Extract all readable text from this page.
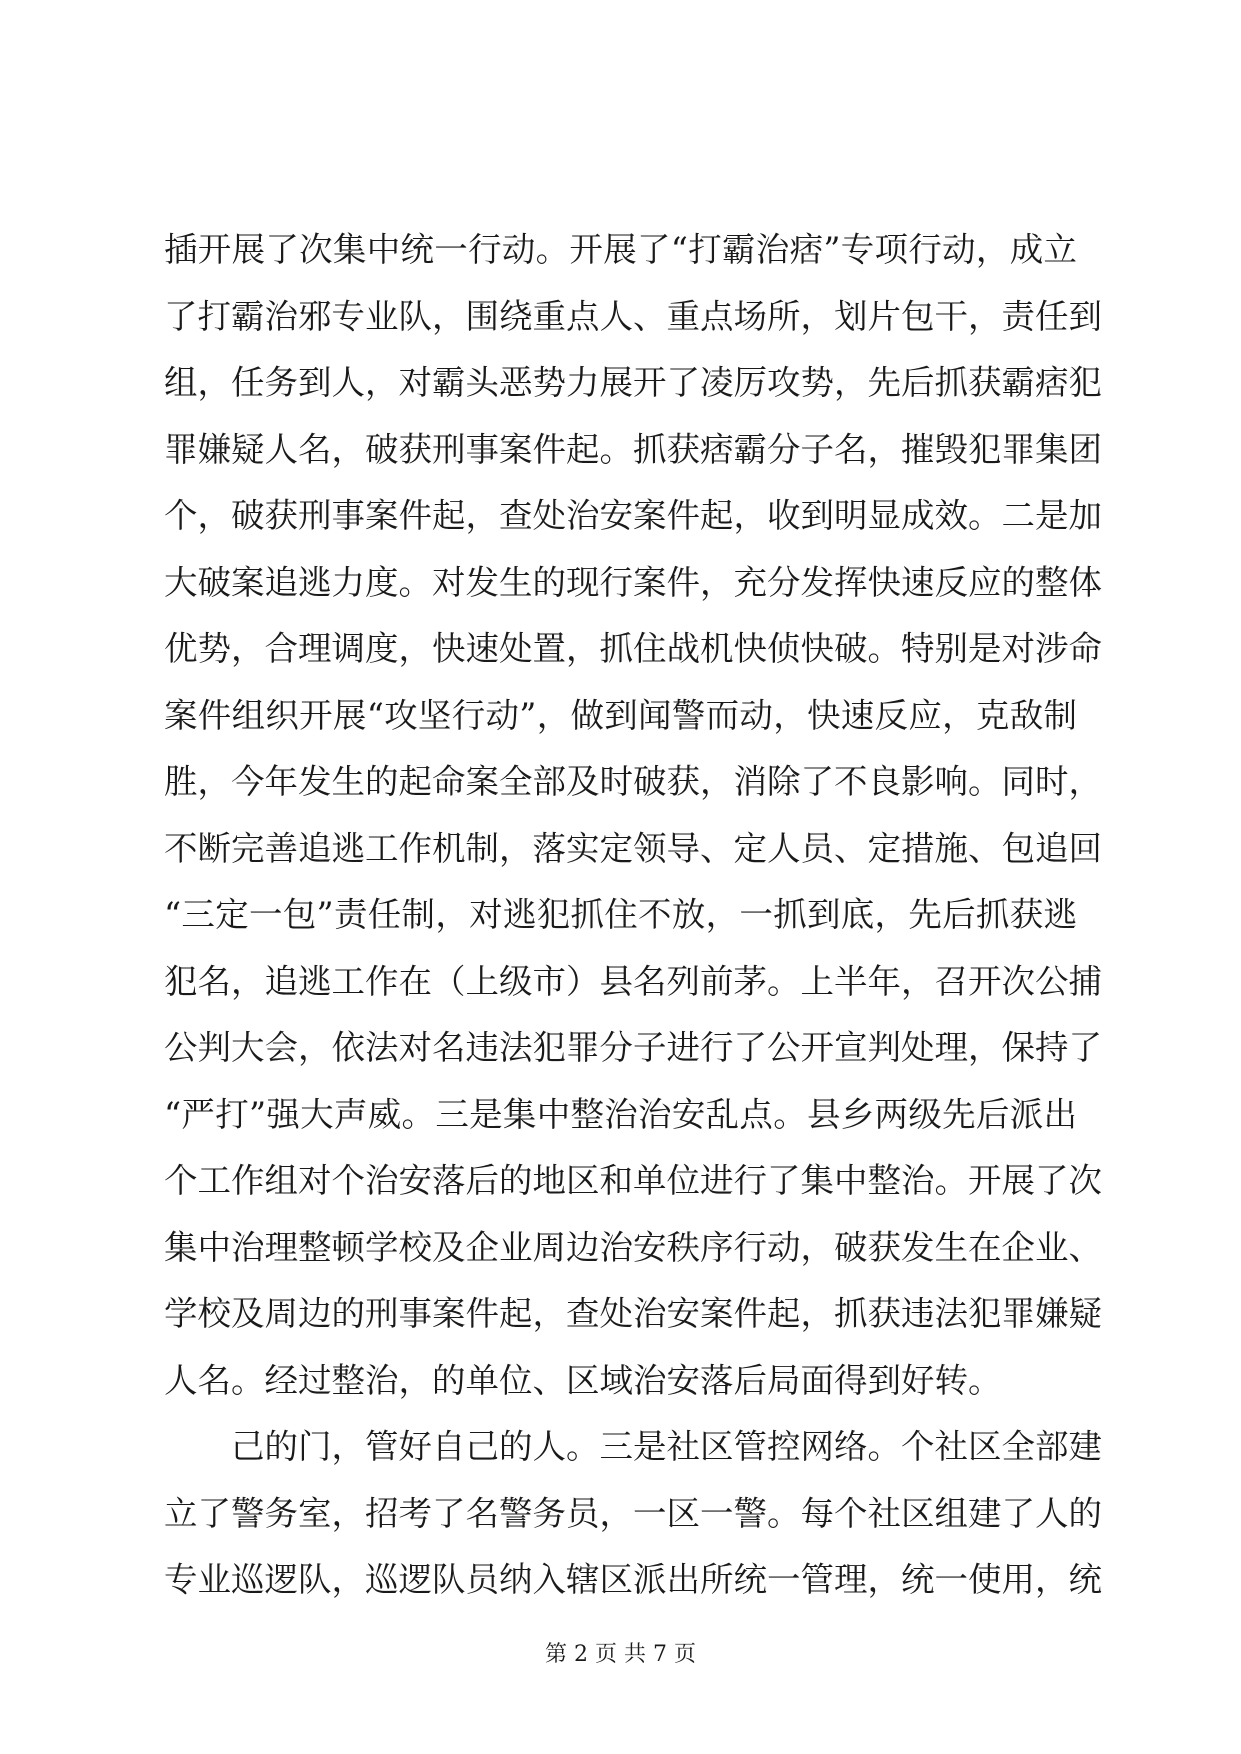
插开展了次集中统一行动。开展了“打霸治痞”专项行动，成立
了打霸治邪专业队，围绕重点人、重点场所，划片包干，责任到
组，任务到人，对霸头恶势力展开了凌厉攻势，先后抓获霸痞犯
罪嫌疑人名，破获刑事案件起。抓获痞霸分子名，摧毁犯罪集团
个，破获刑事案件起，查处治安案件起，收到明显成效。二是加
大破案追逃力度。对发生的现行案件，充分发挥快速反应的整体
优势，合理调度，快速处置，抓住战机快侦快破。特别是对涉命
案件组织开展“攻坚行动”，做到闻警而动，快速反应，克敌制
胜，今年发生的起命案全部及时破获，消除了不良影响。同时，
不断完善追逃工作机制，落实定领导、定人员、定措施、包追回
“三定一包”责任制，对逃犯抓住不放，一抓到底，先后抓获逃
犯名，追逃工作在（上级市）县名列前茅。上半年，召开次公捕
公判大会，依法对名违法犯罪分子进行了公开宣判处理，保持了
“严打”强大声威。三是集中整治治安乱点。县乡两级先后派出
个工作组对个治安落后的地区和单位进行了集中整治。开展了次
集中治理整顿学校及企业周边治安秩序行动，破获发生在企业、
学校及周边的刑事案件起，查处治安案件起，抓获违法犯罪嫌疑
人名。经过整治，的单位、区域治安落后局面得到好转。
己的门，管好自己的人。三是社区管控网络。个社区全部建
立了警务室，招考了名警务员，一区一警。每个社区组建了人的
专业巡逻队，巡逻队员纳入辖区派出所统一管理，统一使用，统
第 2 页 共 7 页
